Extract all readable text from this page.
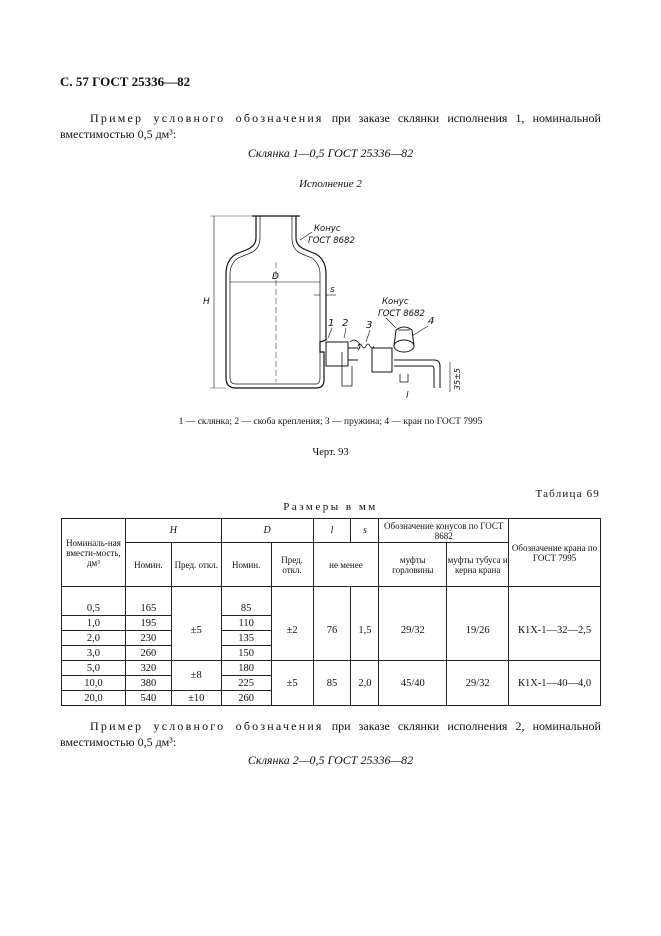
С. 57 ГОСТ 25336—82
Пример условного обозначения при заказе склянки исполнения 1, номинальной вместимостью 0,5 дм³:
Склянка 1—0,5 ГОСТ 25336—82
Исполнение 2
Конус
ГОСТ 8682
D
H
s
Конус
ГОСТ 8682
1 2 3	4
l
35±5
1 — склянка; 2 — скоба крепления; 3 — пружина; 4 — кран по ГОСТ 7995
Черт. 93
Таблица 69
Размеры в мм
Номиналь-ная вмести-мость, дм³	H		D		l	s	Обозначение конусов по ГОСТ 8682		Обозначение крана по ГОСТ 7995
	Номин.	Пред. откл.	Номин.	Пред. откл.	не менее		муфты горловины	муфты тубуса и керна крана	

0,5	165	±5	85	±2	76	1,5	29/32	19/26	К1Х-1—32—2,5
1,0	195		110						
2,0	230		135						
3,0	260		150						
5,0	320	±8	180	±5	85	2,0	45/40	29/32	К1Х-1—40—4,0
10,0	380		225						
20,0	540	±10	260						
Пример условного обозначения при заказе склянки исполнения 2, номинальной вместимостью 0,5 дм³:
Склянка 2—0,5 ГОСТ 25336—82
